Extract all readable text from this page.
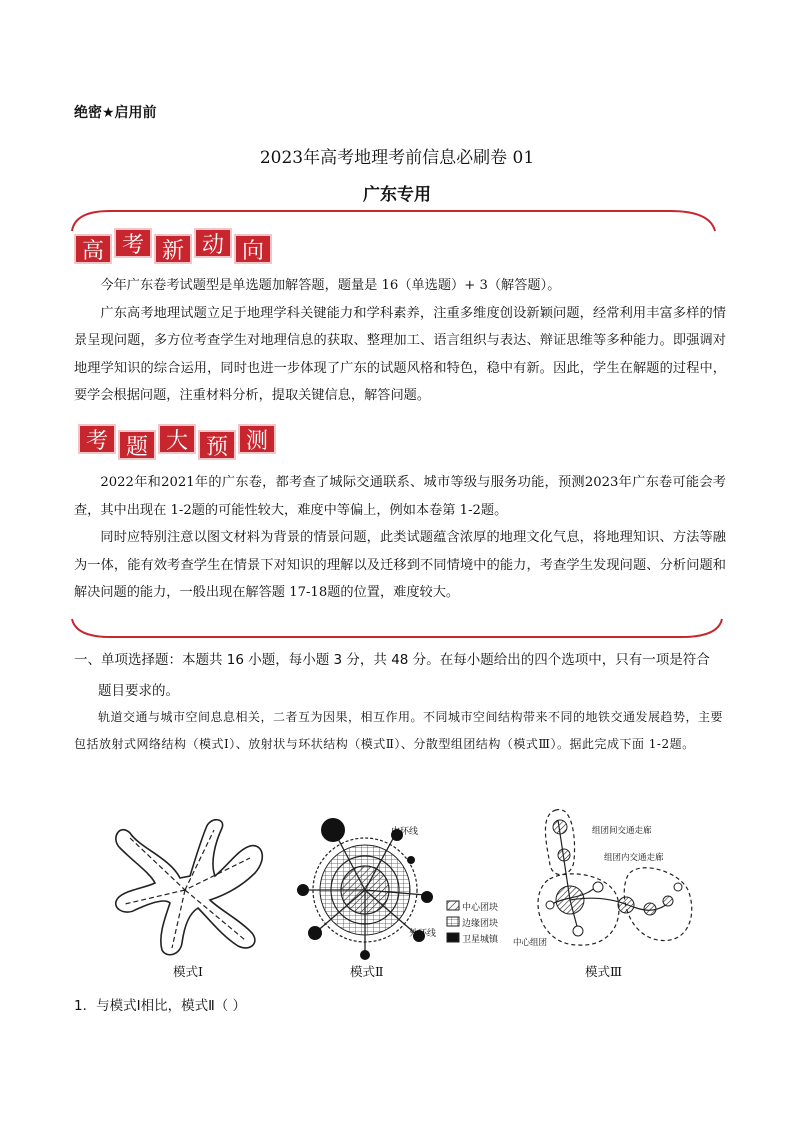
绝密★启用前
2023年高考地理考前信息必刷卷 01
广东专用
高 考 新 动 向

今年广东卷考试题型是单选题加解答题，题量是 16（单选题）+ 3（解答题）。

广东高考地理试题立足于地理学科关键能力和学科素养，注重多维度创设新颖问题，经常利用丰富多样的情景呈现问题，多方位考查学生对地理信息的获取、整理加工、语言组织与表达、辩证思维等多种能力。即强调对地理学知识的综合运用，同时也进一步体现了广东的试题风格和特色，稳中有新。因此，学生在解题的过程中，要学会根据问题，注重材料分析，提取关键信息，解答问题。

考 题 大 预 测

2022年和2021年的广东卷，都考查了城际交通联系、城市等级与服务功能，预测2023年广东卷可能会考查，其中出现在 1-2题的可能性较大，难度中等偏上，例如本卷第 1-2题。

同时应特别注意以图文材料为背景的情景问题，此类试题蕴含浓厚的地理文化气息，将地理知识、方法等融为一体，能有效考查学生在情景下对知识的理解以及迁移到不同情境中的能力，考查学生发现问题、分析问题和解决问题的能力，一般出现在解答题 17-18题的位置，难度较大。

一、单项选择题：本题共 16 小题，每小题 3 分，共 48 分。在每小题给出的四个选项中，只有一项是符合
题目要求的。

轨道交通与城市空间息息相关，二者互为因果，相互作用。不同城市空间结构带来不同的地铁交通发展趋势，主要包括放射式网络结构（模式Ⅰ）、放射状与环状结构（模式Ⅱ）、分散型组团结构（模式Ⅲ）。据此完成下面 1-2题。

模式Ⅰ
内环线
外环线
中心团块
边缘团块
卫星城镇
模式Ⅱ
组团间交通走廊
组团内交通走廊
中心组团
模式Ⅲ
1．与模式Ⅰ相比，模式Ⅱ（ ）
